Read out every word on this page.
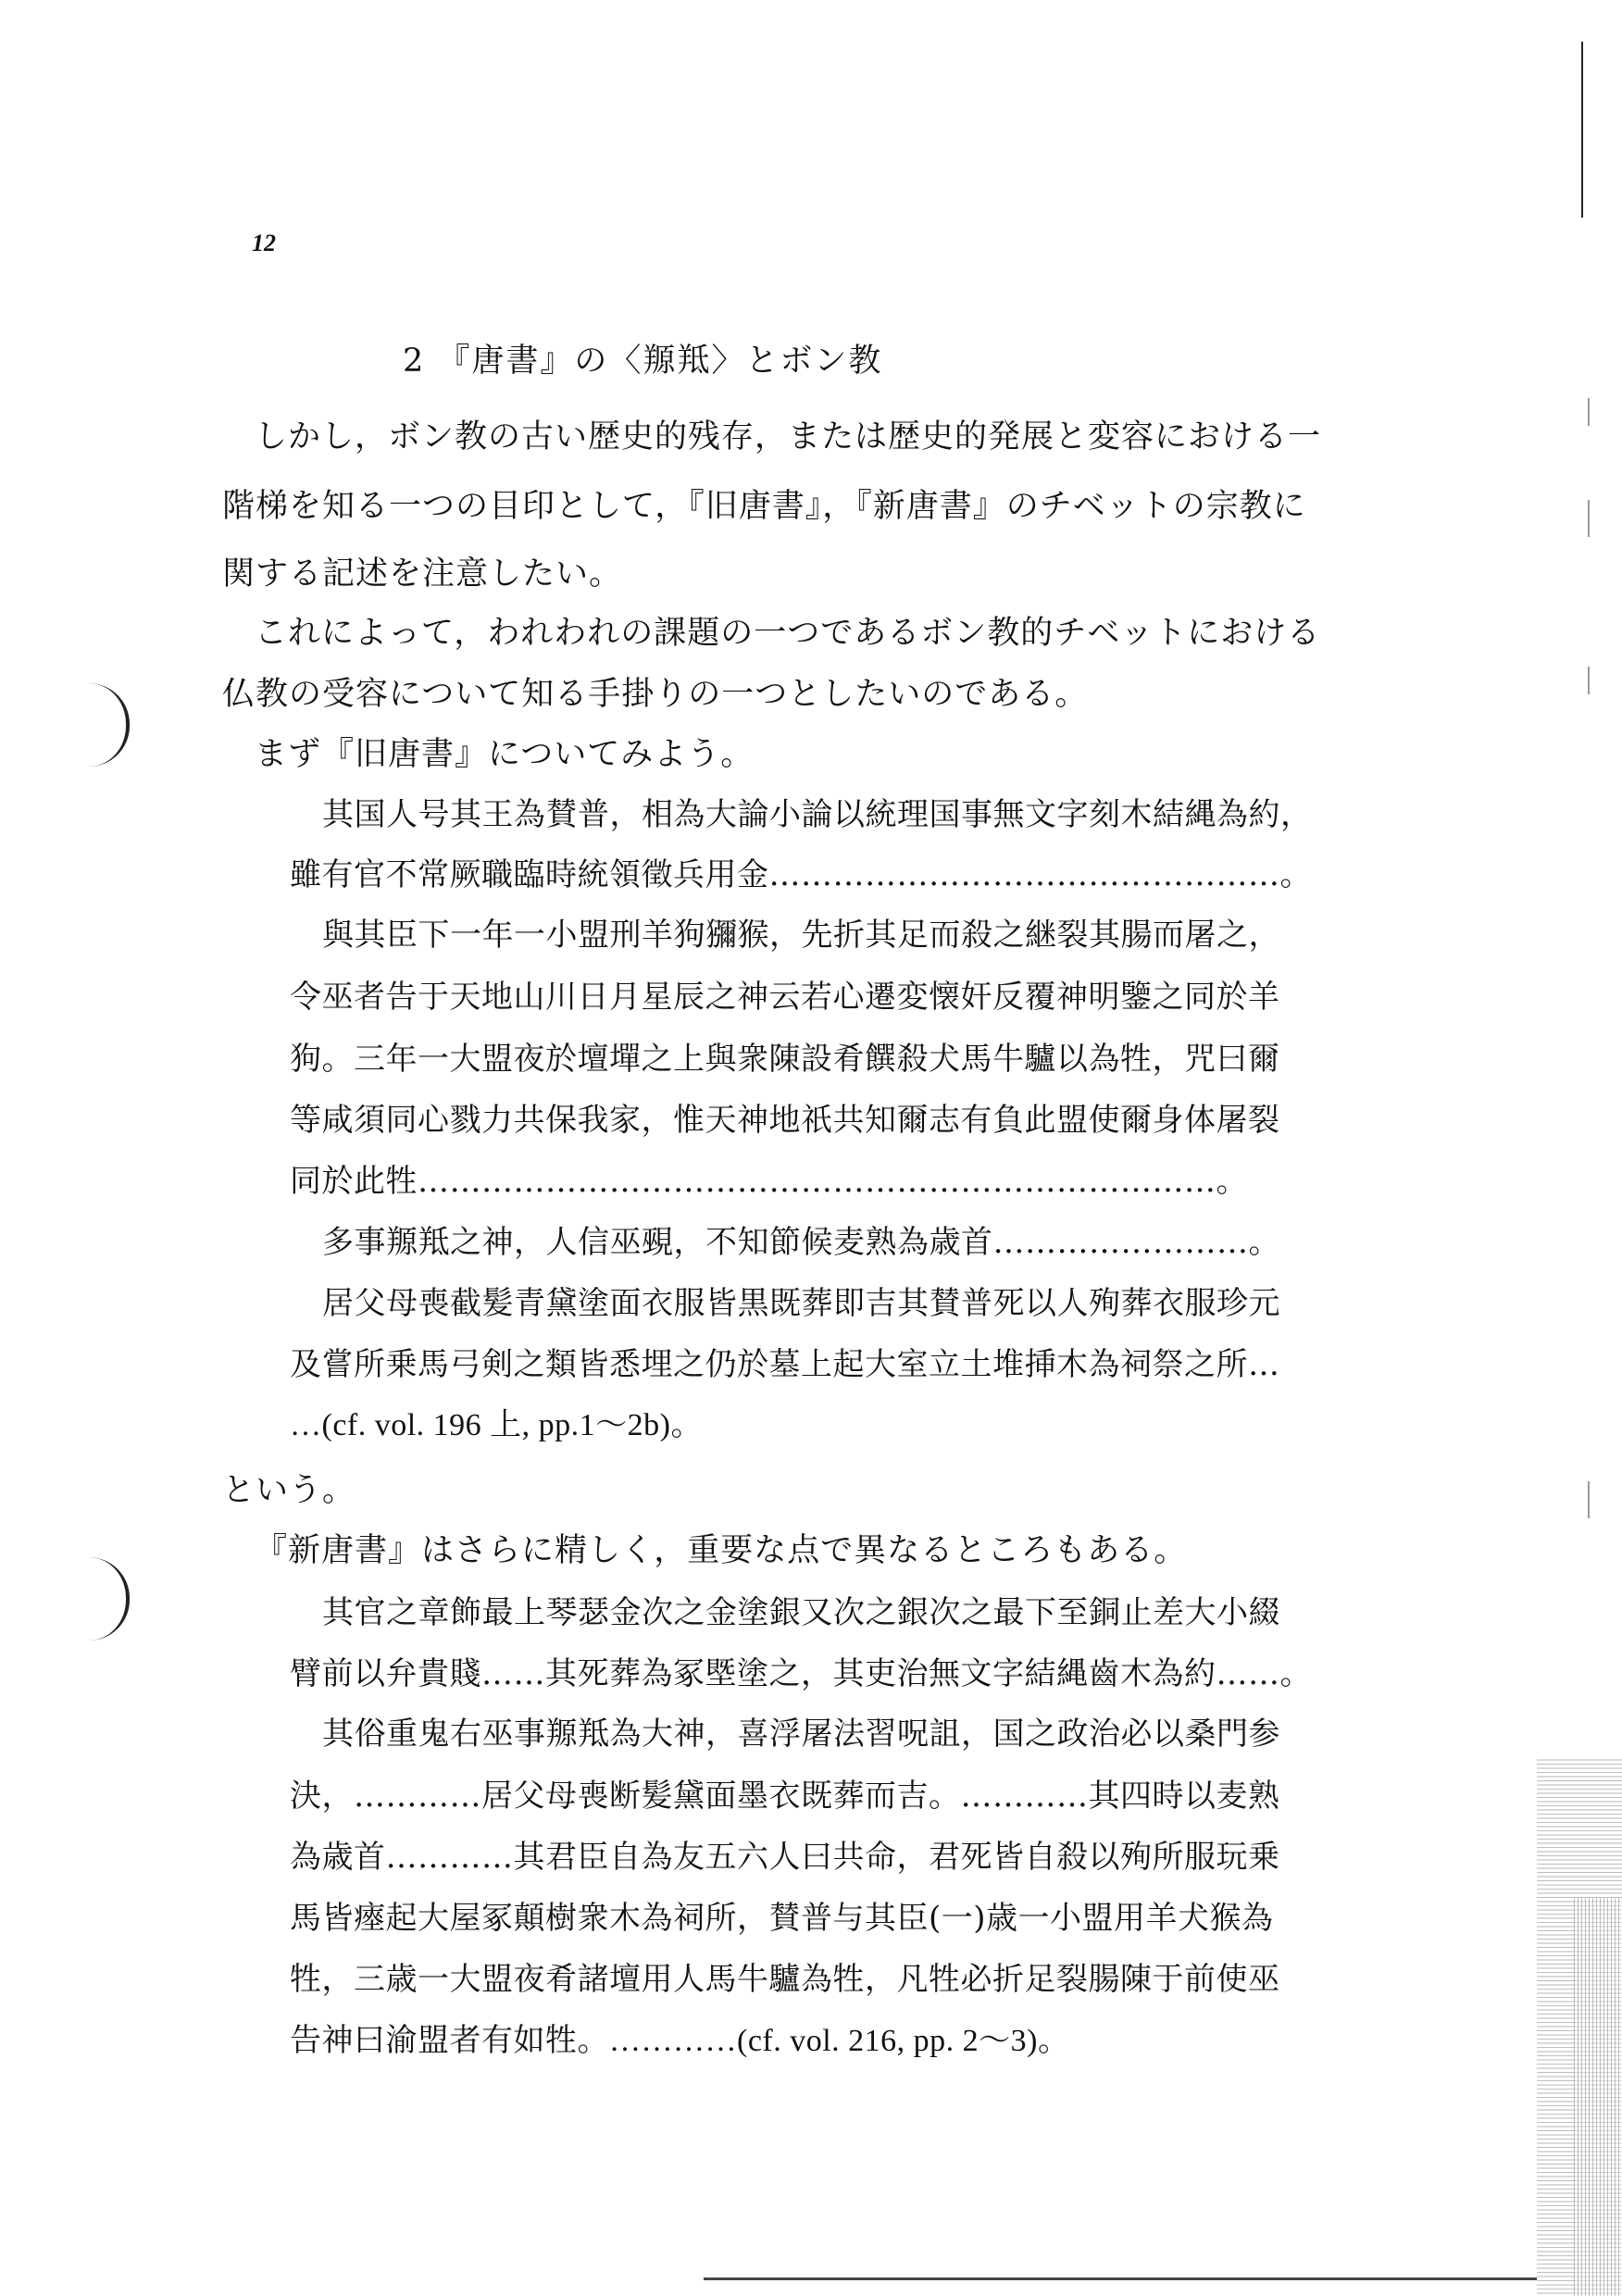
12
2 『唐書』の〈羱羝〉とボン教
しかし，ボン教の古い歴史的残存，または歴史的発展と変容における一
階梯を知る一つの目印として，『旧唐書』，『新唐書』のチベットの宗教に
関する記述を注意したい。
これによって，われわれの課題の一つであるボン教的チベットにおける
仏教の受容について知る手掛りの一つとしたいのである。
まず『旧唐書』についてみよう。
其国人号其王為賛普，相為大論小論以統理国事無文字刻木結縄為約，
雖有官不常厥職臨時統領徵兵用金…………………………………………。
與其臣下一年一小盟刑羊狗獼猴，先折其足而殺之継裂其腸而屠之，
令巫者告于天地山川日月星辰之神云若心遷変懐奸反覆神明鑒之同於羊
狗。三年一大盟夜於壇墠之上與衆陳設肴饌殺犬馬牛驢以為牲，咒曰爾
等咸須同心戮力共保我家，惟天神地祇共知爾志有負此盟使爾身体屠裂
同於此牲…………………………………………………………………。
多事羱羝之神，人信巫覡，不知節候麦熟為歳首……………………。
居父母喪截髪青黛塗面衣服皆黒既葬即吉其賛普死以人殉葬衣服珍元
及嘗所乗馬弓剣之類皆悉埋之仍於墓上起大室立土堆挿木為祠祭之所…
…(cf. vol. 196 上, pp.1〜2b)。
という。
『新唐書』はさらに精しく，重要な点で異なるところもある。
其官之章飾最上琴瑟金次之金塗銀又次之銀次之最下至銅止差大小綴
臂前以弁貴賤……其死葬為冢塈塗之，其吏治無文字結縄齒木為約……。
其俗重鬼右巫事羱羝為大神，喜浮屠法習呪詛，国之政治必以桑門参
決，…………居父母喪断髪黛面墨衣既葬而吉。…………其四時以麦熟
為歳首…………其君臣自為友五六人曰共命，君死皆自殺以殉所服玩乗
馬皆瘞起大屋冢顛樹衆木為祠所，賛普与其臣(一)歳一小盟用羊犬猴為
牲，三歳一大盟夜肴諸壇用人馬牛驢為牲，凡牲必折足裂腸陳于前使巫
告神曰渝盟者有如牲。…………(cf. vol. 216, pp. 2〜3)。
